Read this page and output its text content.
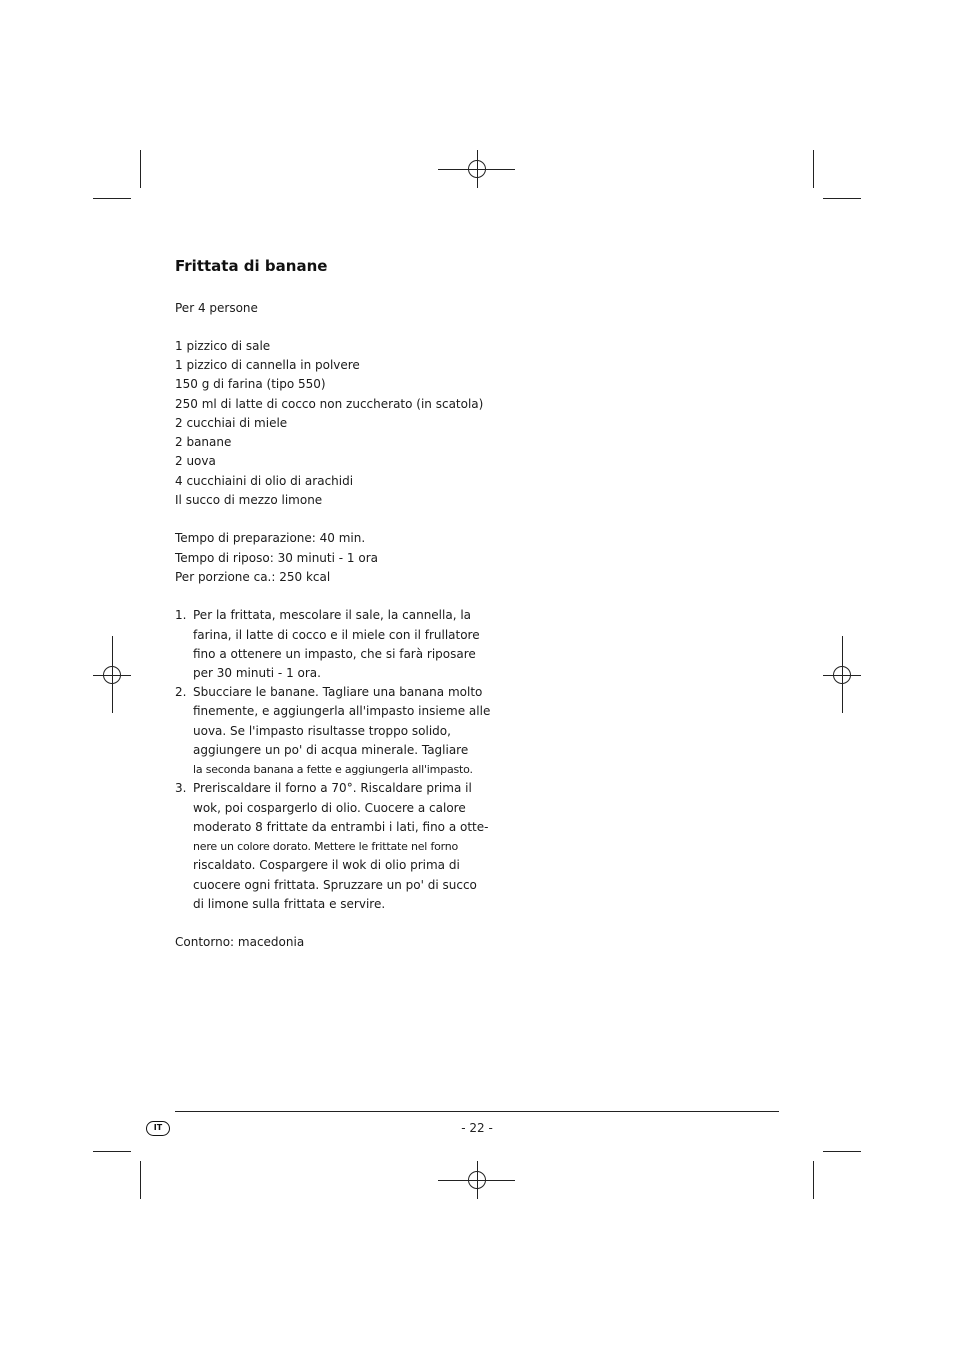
Frittata di banane
Per 4 persone
1 pizzico di sale
1 pizzico di cannella in polvere
150 g di farina (tipo 550)
250 ml di latte di cocco non zuccherato (in scatola)
2 cucchiai di miele
2 banane
2 uova
4 cucchiaini di olio di arachidi
Il succo di mezzo limone
Tempo di preparazione: 40 min.
Tempo di riposo: 30 minuti - 1 ora
Per porzione ca.: 250 kcal
1. Per la frittata, mescolare il sale, la cannella, la
farina, il latte di cocco e il miele con il frullatore
fino a ottenere un impasto, che si farà riposare
per 30 minuti - 1 ora.
2. Sbucciare le banane. Tagliare una banana molto
finemente, e aggiungerla all'impasto insieme alle
uova. Se l'impasto risultasse troppo solido,
aggiungere un po' di acqua minerale. Tagliare
la seconda banana a fette e aggiungerla all'impasto.
3. Preriscaldare il forno a 70°. Riscaldare prima il
wok, poi cospargerlo di olio. Cuocere a calore
moderato 8 frittate da entrambi i lati, fino a otte-
nere un colore dorato. Mettere le frittate nel forno
riscaldato. Cospargere il wok di olio prima di
cuocere ogni frittata. Spruzzare un po' di succo
di limone sulla frittata e servire.
Contorno: macedonia
IT	- 22 -
